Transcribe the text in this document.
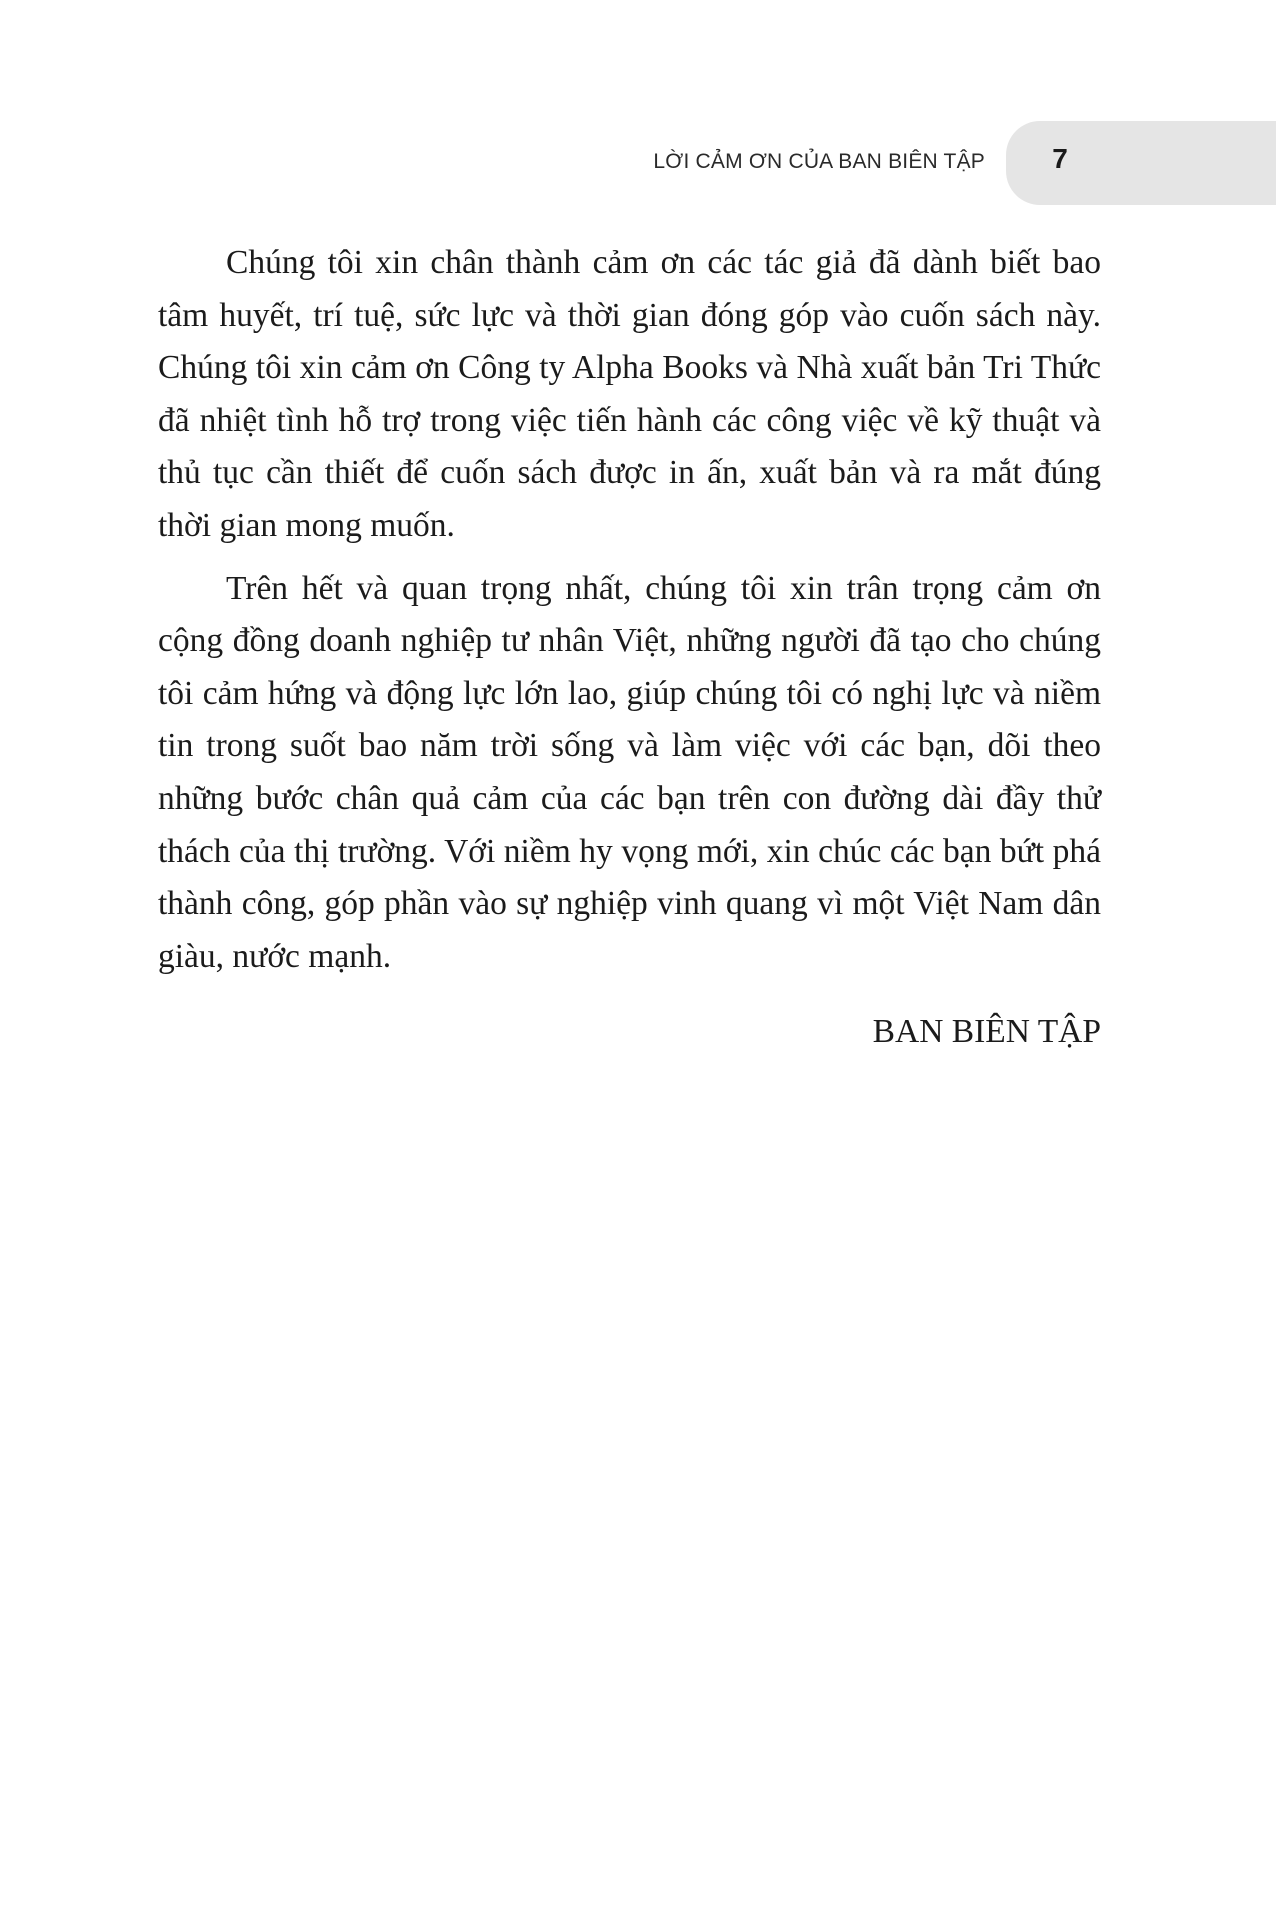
LỜI CẢM ƠN CỦA BAN BIÊN TẬP 7

Chúng tôi xin chân thành cảm ơn các tác giả đã dành biết bao tâm huyết, trí tuệ, sức lực và thời gian đóng góp vào cuốn sách này. Chúng tôi xin cảm ơn Công ty Alpha Books và Nhà xuất bản Tri Thức đã nhiệt tình hỗ trợ trong việc tiến hành các công việc về kỹ thuật và thủ tục cần thiết để cuốn sách được in ấn, xuất bản và ra mắt đúng thời gian mong muốn.

Trên hết và quan trọng nhất, chúng tôi xin trân trọng cảm ơn cộng đồng doanh nghiệp tư nhân Việt, những người đã tạo cho chúng tôi cảm hứng và động lực lớn lao, giúp chúng tôi có nghị lực và niềm tin trong suốt bao năm trời sống và làm việc với các bạn, dõi theo những bước chân quả cảm của các bạn trên con đường dài đầy thử thách của thị trường. Với niềm hy vọng mới, xin chúc các bạn bứt phá thành công, góp phần vào sự nghiệp vinh quang vì một Việt Nam dân giàu, nước mạnh.

BAN BIÊN TẬP
